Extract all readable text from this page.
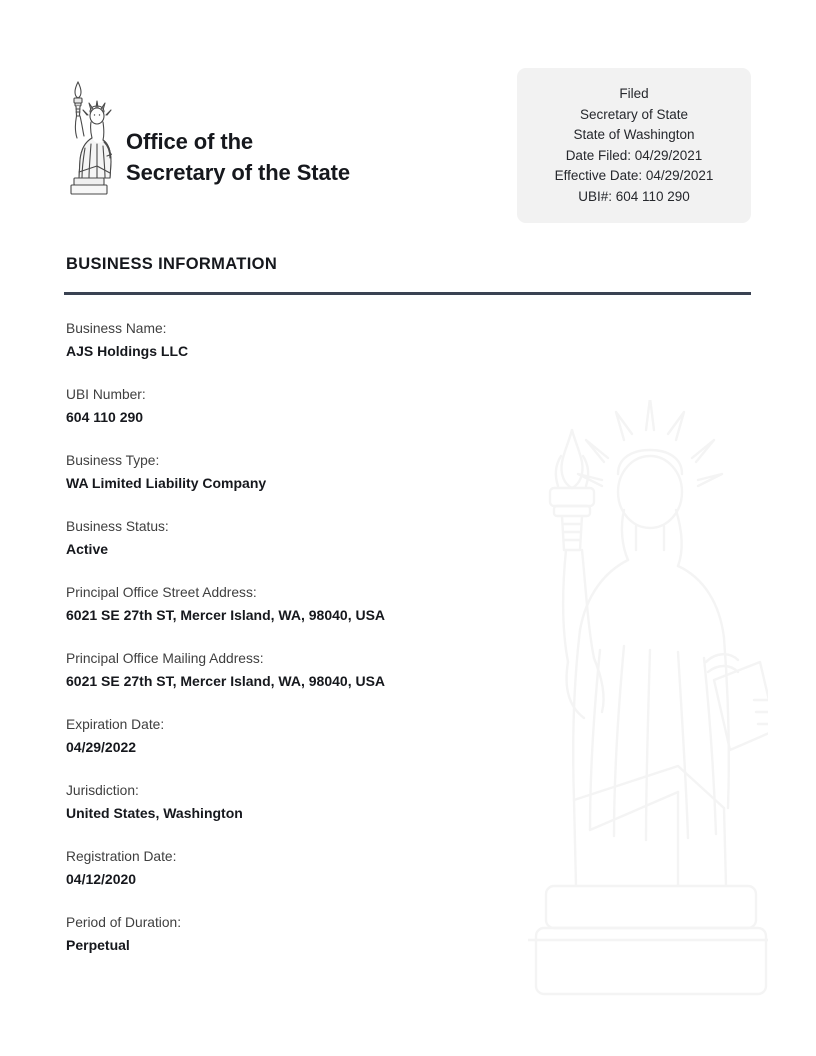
Office of the
Secretary of the State
Filed
Secretary of State
State of Washington
Date Filed: 04/29/2021
Effective Date: 04/29/2021
UBI#: 604 110 290
BUSINESS INFORMATION
Business Name:
AJS Holdings LLC
UBI Number:
604 110 290
Business Type:
WA Limited Liability Company
Business Status:
Active
Principal Office Street Address:
6021 SE 27th ST, Mercer Island, WA, 98040, USA
Principal Office Mailing Address:
6021 SE 27th ST, Mercer Island, WA, 98040, USA
Expiration Date:
04/29/2022
Jurisdiction:
United States, Washington
Registration Date:
04/12/2020
Period of Duration:
Perpetual
